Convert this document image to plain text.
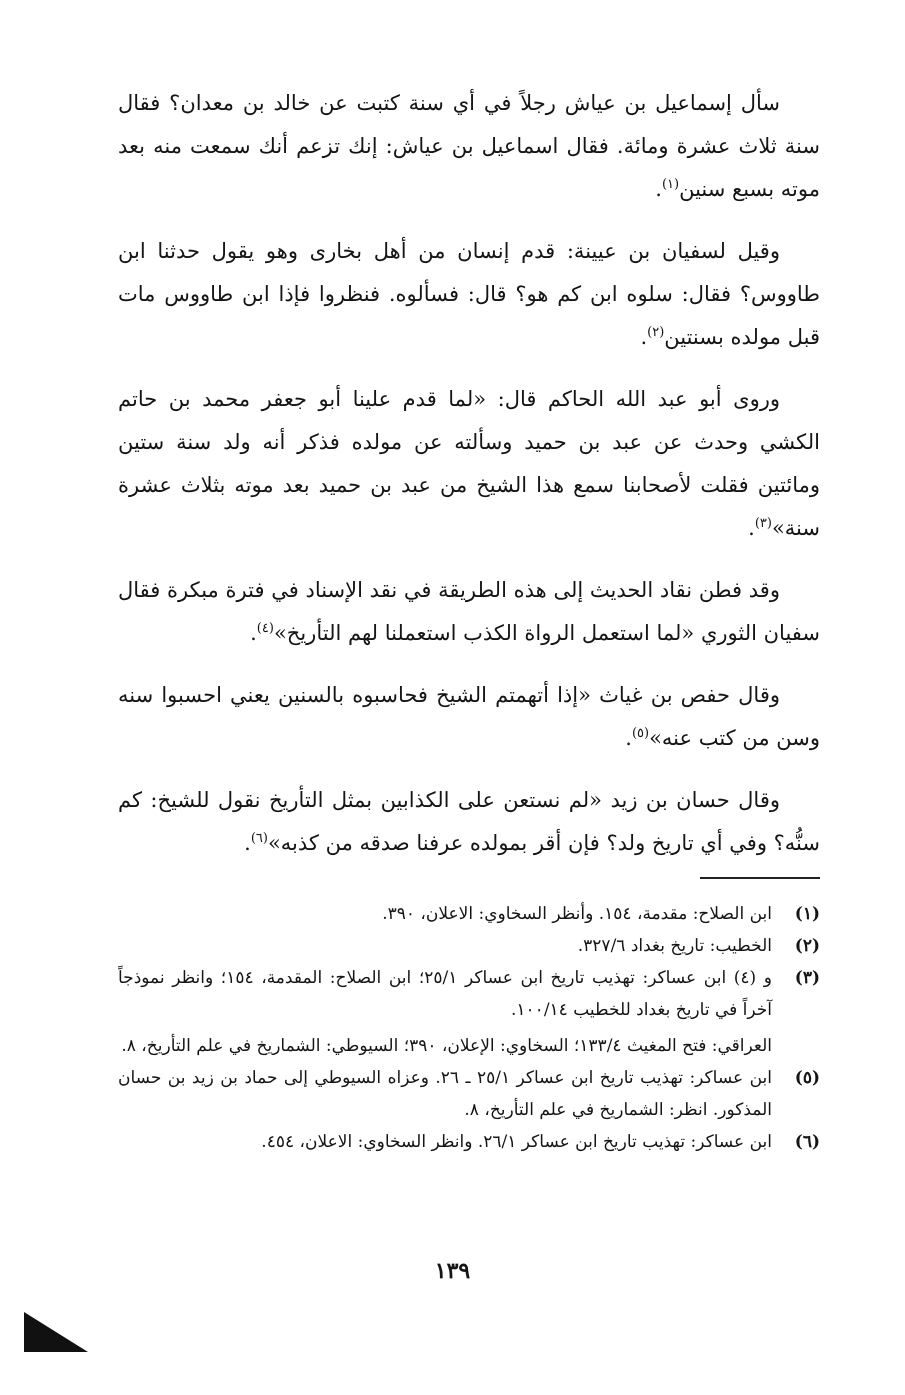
سأل إسماعيل بن عياش رجلاً في أي سنة كتبت عن خالد بن معدان؟ فقال سنة ثلاث عشرة ومائة. فقال اسماعيل بن عياش: إنك تزعم أنك سمعت منه بعد موته بسبع سنين$^{(١)}$.

وقيل لسفيان بن عيينة: قدم إنسان من أهل بخارى وهو يقول حدثنا ابن طاووس؟ فقال: سلوه ابن كم هو؟ قال: فسألوه. فنظروا فإذا ابن طاووس مات قبل مولده بسنتين$^{(٢)}$.

وروى أبو عبد الله الحاكم قال: «لما قدم علينا أبو جعفر محمد بن حاتم الكشي وحدث عن عبد بن حميد وسألته عن مولده فذكر أنه ولد سنة ستين ومائتين فقلت لأصحابنا سمع هذا الشيخ من عبد بن حميد بعد موته بثلاث عشرة سنة»$^{(٣)}$.

وقد فطن نقاد الحديث إلى هذه الطريقة في نقد الإسناد في فترة مبكرة فقال سفيان الثوري «لما استعمل الرواة الكذب استعملنا لهم التأريخ»$^{(٤)}$.

وقال حفص بن غياث «إذا أتهمتم الشيخ فحاسبوه بالسنين يعني احسبوا سنه وسن من كتب عنه»$^{(٥)}$.

وقال حسان بن زيد «لم نستعن على الكذابين بمثل التأريخ نقول للشيخ: كم سنُّه؟ وفي أي تاريخ ولد؟ فإن أقر بمولده عرفنا صدقه من كذبه»$^{(٦)}$.

(١)
ابن الصلاح: مقدمة، ١٥٤. وأنظر السخاوي: الاعلان، ٣٩٠.
(٢)
الخطيب: تاريخ بغداد ٣٢٧/٦.
(٣)
و (٤) ابن عساكر: تهذيب تاريخ ابن عساكر ٢٥/١؛ ابن الصلاح: المقدمة، ١٥٤؛ وانظر نموذجاً آخراً في تاريخ بغداد للخطيب ١٠٠/١٤.
العراقي: فتح المغيث ١٣٣/٤؛ السخاوي: الإعلان، ٣٩٠؛ السيوطي: الشماريخ في علم التأريخ، ٨.
(٥)
ابن عساكر: تهذيب تاريخ ابن عساكر ٢٥/١ ـ ٢٦. وعزاه السيوطي إلى حماد بن زيد بن حسان المذكور. انظر: الشماريخ في علم التأريخ، ٨.
(٦)
ابن عساكر: تهذيب تاريخ ابن عساكر ٢٦/١. وانظر السخاوي: الاعلان، ٤٥٤.
١٣٩
